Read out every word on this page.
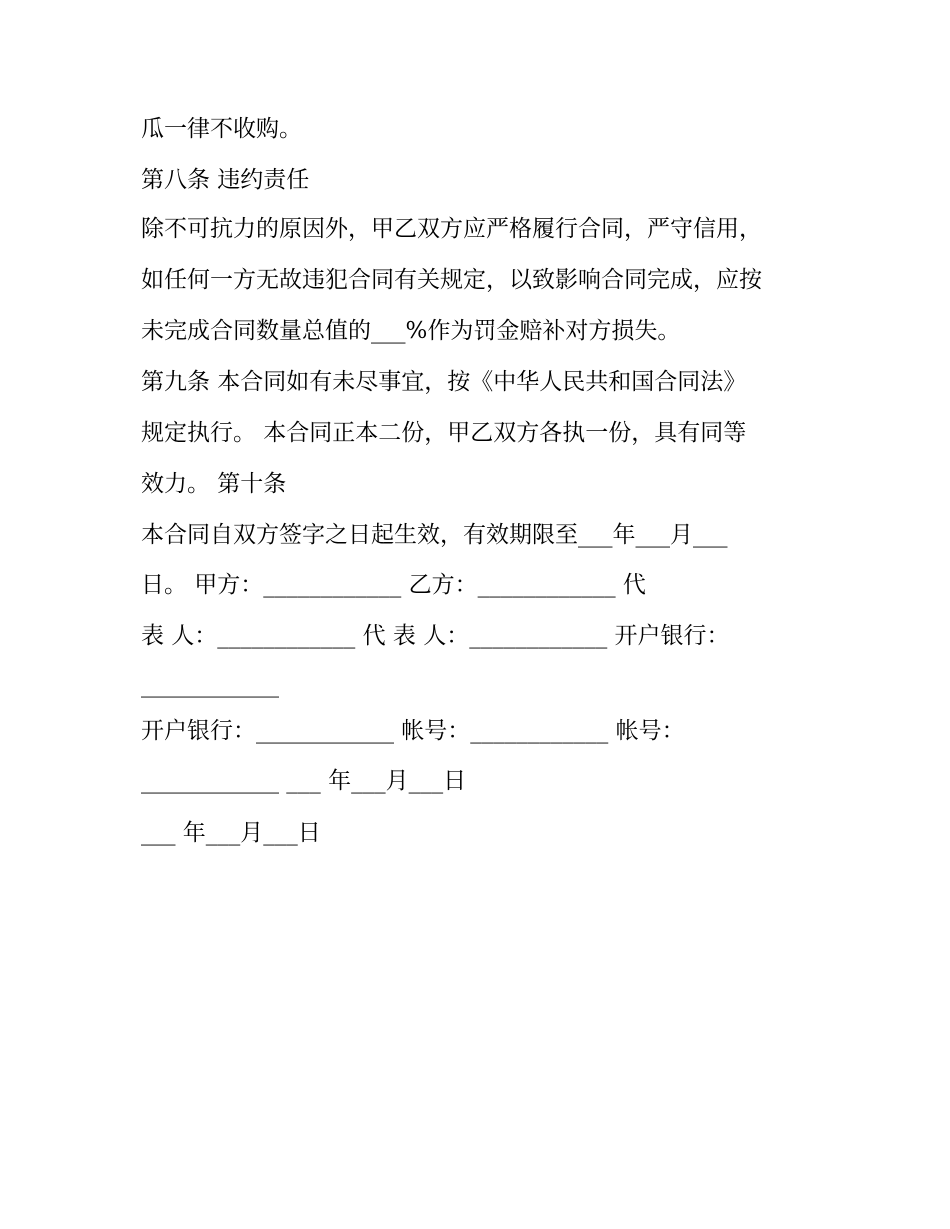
瓜一律不收购。

第八条 违约责任

除不可抗力的原因外，甲乙双方应严格履行合同，严守信用，

如任何一方无故违犯合同有关规定，以致影响合同完成，应按

未完成合同数量总值的___%作为罚金赔补对方损失。

第九条 本合同如有未尽事宜，按《中华人民共和国合同法》

规定执行。 本合同正本二份，甲乙双方各执一份，具有同等

效力。 第十条

本合同自双方签字之日起生效，有效期限至___年___月___

日。 甲方：____________ 乙方：____________ 代

表 人：____________ 代 表 人：____________ 开户银行：

____________

开户银行：____________ 帐号：____________ 帐号：

____________ ___ 年___月___日

___ 年___月___日
